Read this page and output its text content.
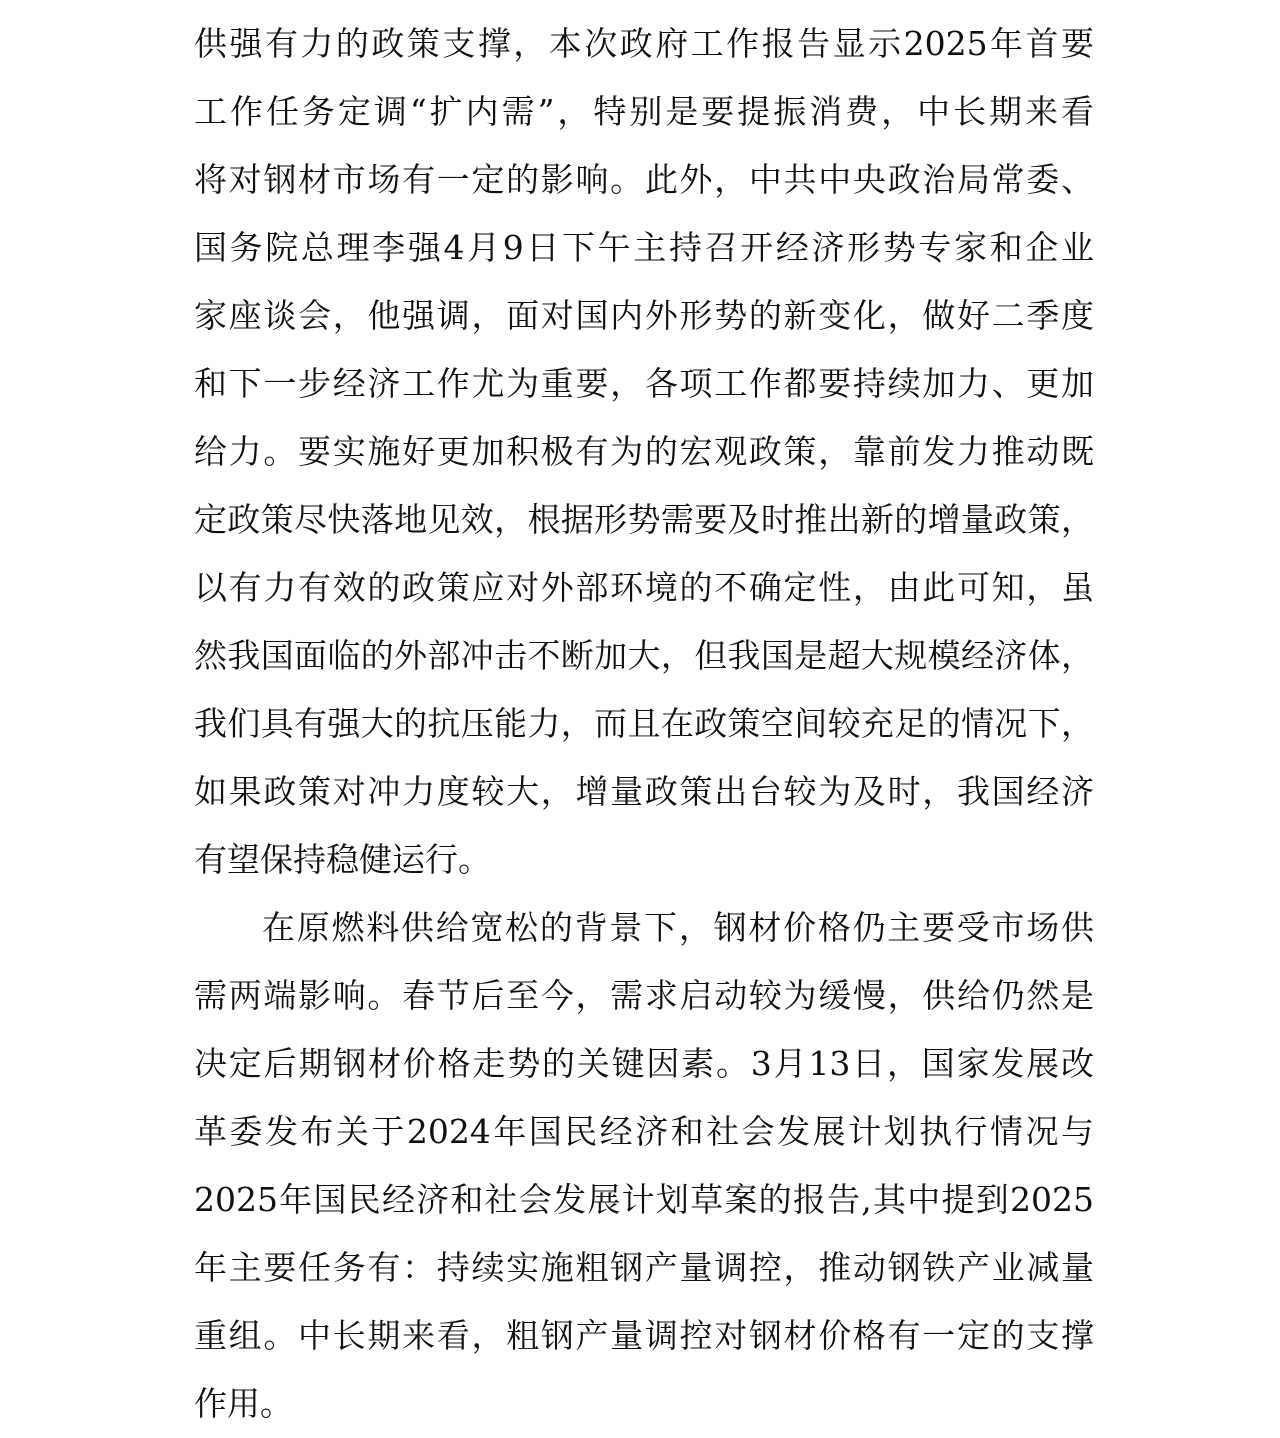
供强有力的政策支撑，本次政府工作报告显示2025年首要
工作任务定调“扩内需”，特别是要提振消费，中长期来看
将对钢材市场有一定的影响。此外，中共中央政治局常委、
国务院总理李强4月9日下午主持召开经济形势专家和企业
家座谈会，他强调，面对国内外形势的新变化，做好二季度
和下一步经济工作尤为重要，各项工作都要持续加力、更加
给力。要实施好更加积极有为的宏观政策，靠前发力推动既
定政策尽快落地见效，根据形势需要及时推出新的增量政策，
以有力有效的政策应对外部环境的不确定性，由此可知，虽
然我国面临的外部冲击不断加大，但我国是超大规模经济体，
我们具有强大的抗压能力，而且在政策空间较充足的情况下，
如果政策对冲力度较大，增量政策出台较为及时，我国经济
有望保持稳健运行。
在原燃料供给宽松的背景下，钢材价格仍主要受市场供
需两端影响。春节后至今，需求启动较为缓慢，供给仍然是
决定后期钢材价格走势的关键因素。3月13日，国家发展改
革委发布关于2024年国民经济和社会发展计划执行情况与
2025年国民经济和社会发展计划草案的报告,其中提到2025
年主要任务有：持续实施粗钢产量调控，推动钢铁产业减量
重组。中长期来看，粗钢产量调控对钢材价格有一定的支撑
作用。
